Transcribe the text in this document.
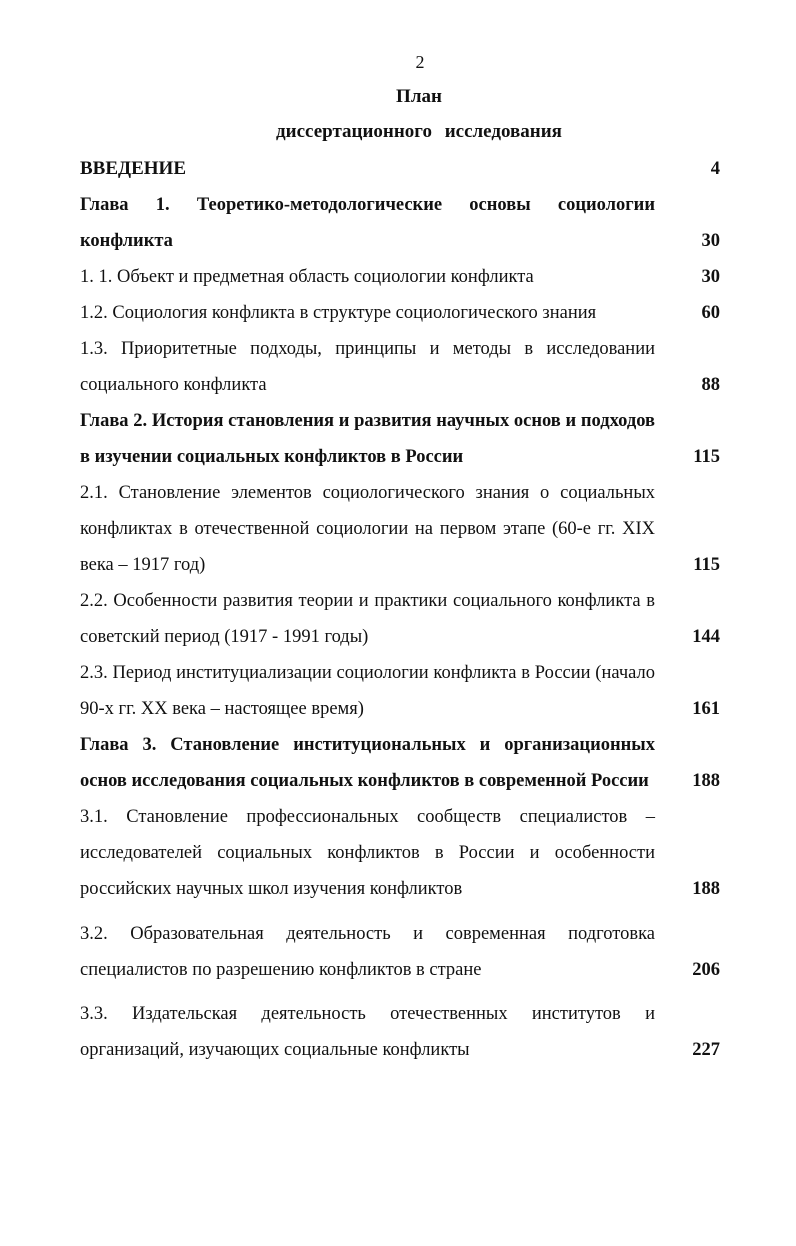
2
План
диссертационного исследования
ВВЕДЕНИЕ	4
Глава 1. Теоретико-методологические основы социологии конфликта	30
1. 1. Объект и предметная область социологии конфликта	30
1.2. Социология конфликта в структуре социологического знания	60
1.3. Приоритетные подходы, принципы и методы в исследовании социального конфликта	88
Глава 2. История становления и развития научных основ и подходов в изучении социальных конфликтов в России	115
2.1. Становление элементов социологического знания о социальных конфликтах в отечественной социологии на первом этапе (60-е гг. XIX века – 1917 год)	115
2.2. Особенности развития теории и практики социального конфликта в советский период (1917 - 1991 годы)	144
2.3. Период институциализации социологии конфликта в России (начало 90-х гг. XX века – настоящее время)	161
Глава 3. Становление институциональных и организационных основ исследования социальных конфликтов в современной России	188
3.1. Становление профессиональных сообществ специалистов – исследователей социальных конфликтов в России и особенности российских научных школ изучения конфликтов	188
3.2. Образовательная деятельность и современная подготовка специалистов по разрешению конфликтов в стране	206
3.3. Издательская деятельность отечественных институтов и организаций, изучающих социальные конфликты	227
